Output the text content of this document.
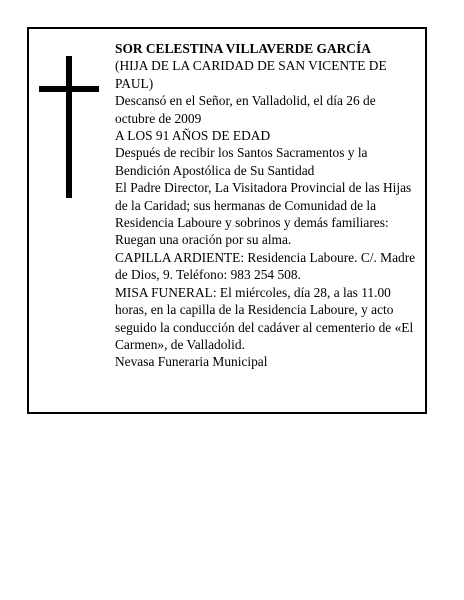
SOR CELESTINA VILLAVERDE GARCÍA

(HIJA DE LA CARIDAD DE SAN VICENTE DE PAUL)

Descansó en el Señor, en Valladolid, el día 26 de octubre de 2009

A LOS 91 AÑOS DE EDAD

Después de recibir los Santos Sacramentos y la Bendición Apostólica de Su Santidad

El Padre Director, La Visitadora Provincial de las Hijas de la Caridad; sus hermanas de Comunidad de la Residencia Laboure y sobrinos y demás familiares: Ruegan una oración por su alma.

CAPILLA ARDIENTE: Residencia Laboure. C/. Madre de Dios, 9. Teléfono: 983 254 508.

MISA FUNERAL: El miércoles, día 28, a las 11.00 horas, en la capilla de la Residencia Laboure, y acto seguido la conducción del cadáver al cementerio de «El Carmen», de Valladolid.

Nevasa Funeraria Municipal
